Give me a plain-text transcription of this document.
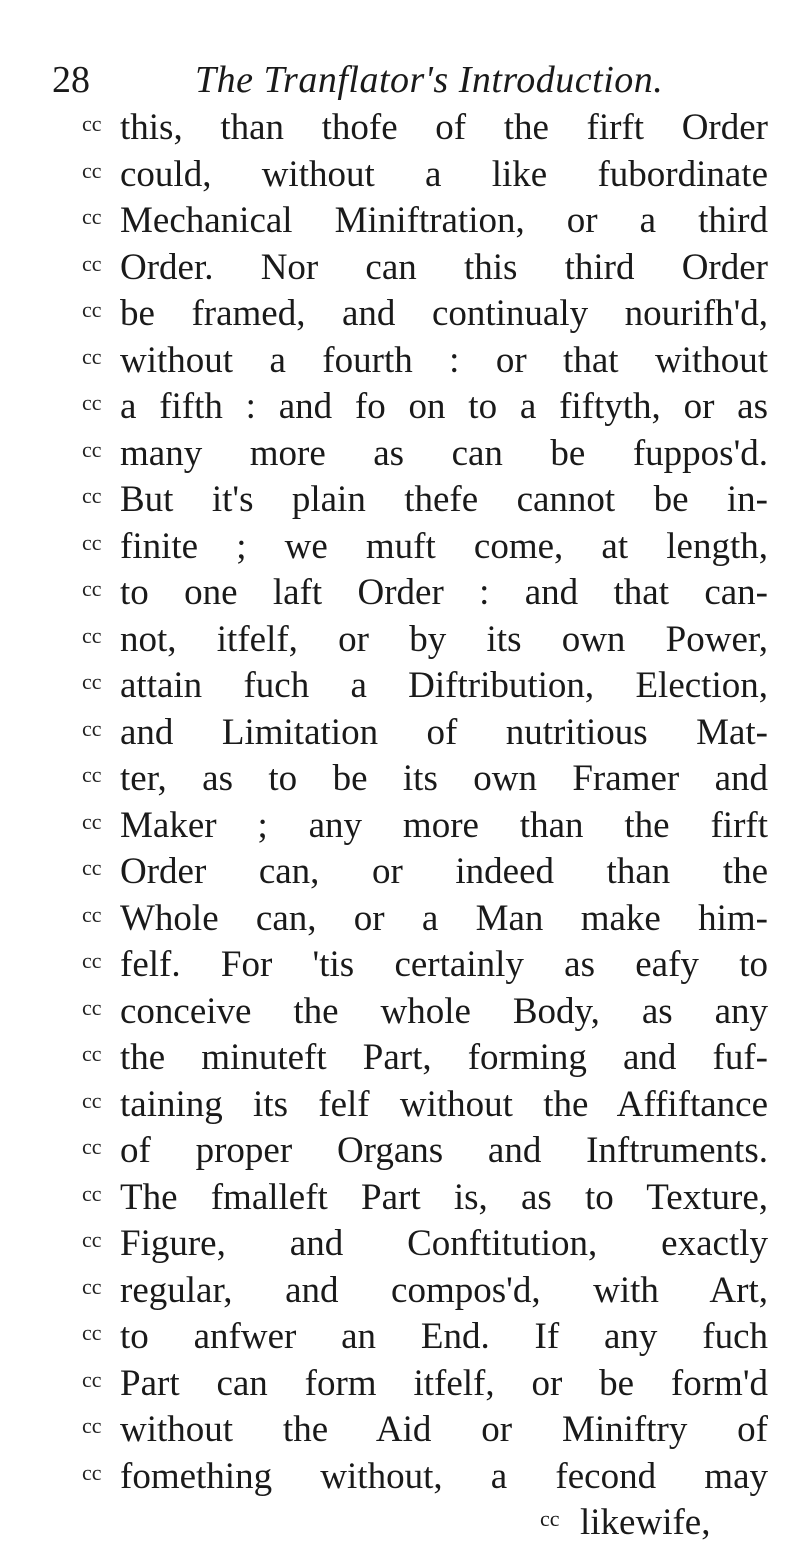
28	The Tranflator's Introduction.
cc this, than thofe of the firft Order
cc could, without a like fubordinate
cc Mechanical Miniftration, or a third
cc Order. Nor can this third Order
cc be framed, and continualy nourifh'd,
cc without a fourth : or that without
cc a fifth : and fo on to a fiftyth, or as
cc many more as can be fuppos'd.
cc But it's plain thefe cannot be in-
cc finite ; we muft come, at length,
cc to one laft Order : and that can-
cc not, itfelf, or by its own Power,
cc attain fuch a Diftribution, Election,
cc and Limitation of nutritious Mat-
cc ter, as to be its own Framer and
cc Maker ; any more than the firft
cc Order can, or indeed than the
cc Whole can, or a Man make him-
cc felf. For 'tis certainly as eafy to
cc conceive the whole Body, as any
cc the minuteft Part, forming and fuf-
cc taining its felf without the Affiftance
cc of proper Organs and Inftruments.
cc The fmalleft Part is, as to Texture,
cc Figure, and Conftitution, exactly
cc regular, and compos'd, with Art,
cc to anfwer an End. If any fuch
cc Part can form itfelf, or be form'd
cc without the Aid or Miniftry of
cc fomething without, a fecond may
cc likewife,
